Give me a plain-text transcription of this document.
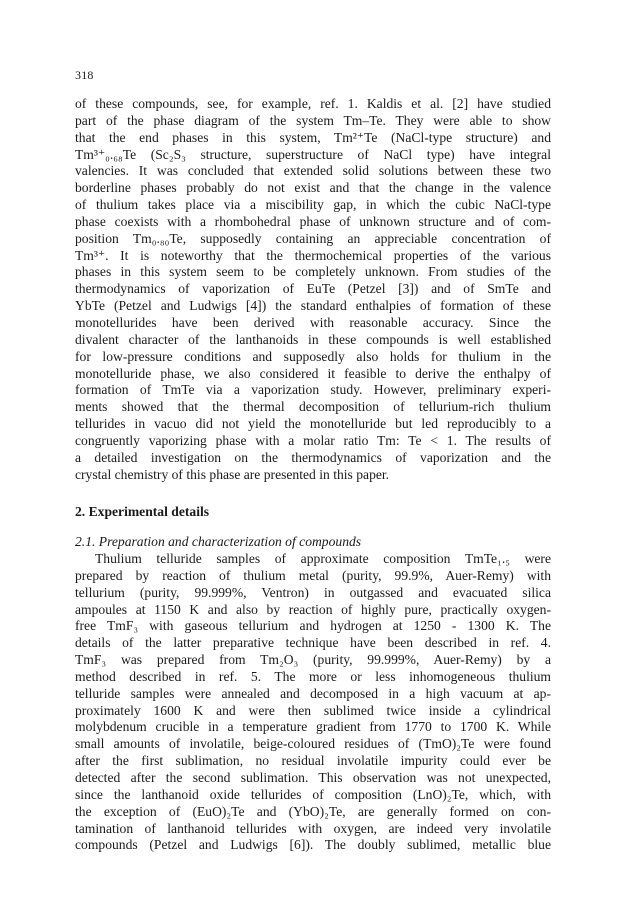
318
of these compounds, see, for example, ref. 1. Kaldis et al. [2] have studied
part of the phase diagram of the system Tm–Te. They were able to show
that the end phases in this system, Tm²⁺Te (NaCl-type structure) and
Tm³⁺₀.₆₈Te (Sc₂S₃ structure, superstructure of NaCl type) have integral
valencies. It was concluded that extended solid solutions between these two
borderline phases probably do not exist and that the change in the valence
of thulium takes place via a miscibility gap, in which the cubic NaCl-type
phase coexists with a rhombohedral phase of unknown structure and of com-
position Tm₀.₈₀Te, supposedly containing an appreciable concentration of
Tm³⁺. It is noteworthy that the thermochemical properties of the various
phases in this system seem to be completely unknown. From studies of the
thermodynamics of vaporization of EuTe (Petzel [3]) and of SmTe and
YbTe (Petzel and Ludwigs [4]) the standard enthalpies of formation of these
monotellurides have been derived with reasonable accuracy. Since the
divalent character of the lanthanoids in these compounds is well established
for low-pressure conditions and supposedly also holds for thulium in the
monotelluride phase, we also considered it feasible to derive the enthalpy of
formation of TmTe via a vaporization study. However, preliminary experi-
ments showed that the thermal decomposition of tellurium-rich thulium
tellurides in vacuo did not yield the monotelluride but led reproducibly to a
congruently vaporizing phase with a molar ratio Tm: Te < 1. The results of
a detailed investigation on the thermodynamics of vaporization and the
crystal chemistry of this phase are presented in this paper.
2. Experimental details
2.1. Preparation and characterization of compounds
Thulium telluride samples of approximate composition TmTe₁.₅ were
prepared by reaction of thulium metal (purity, 99.9%, Auer-Remy) with
tellurium (purity, 99.999%, Ventron) in outgassed and evacuated silica
ampoules at 1150 K and also by reaction of highly pure, practically oxygen-
free TmF₃ with gaseous tellurium and hydrogen at 1250 - 1300 K. The
details of the latter preparative technique have been described in ref. 4.
TmF₃ was prepared from Tm₂O₃ (purity, 99.999%, Auer-Remy) by a
method described in ref. 5. The more or less inhomogeneous thulium
telluride samples were annealed and decomposed in a high vacuum at ap-
proximately 1600 K and were then sublimed twice inside a cylindrical
molybdenum crucible in a temperature gradient from 1770 to 1700 K. While
small amounts of involatile, beige-coloured residues of (TmO)₂Te were found
after the first sublimation, no residual involatile impurity could ever be
detected after the second sublimation. This observation was not unexpected,
since the lanthanoid oxide tellurides of composition (LnO)₂Te, which, with
the exception of (EuO)₂Te and (YbO)₂Te, are generally formed on con-
tamination of lanthanoid tellurides with oxygen, are indeed very involatile
compounds (Petzel and Ludwigs [6]). The doubly sublimed, metallic blue
